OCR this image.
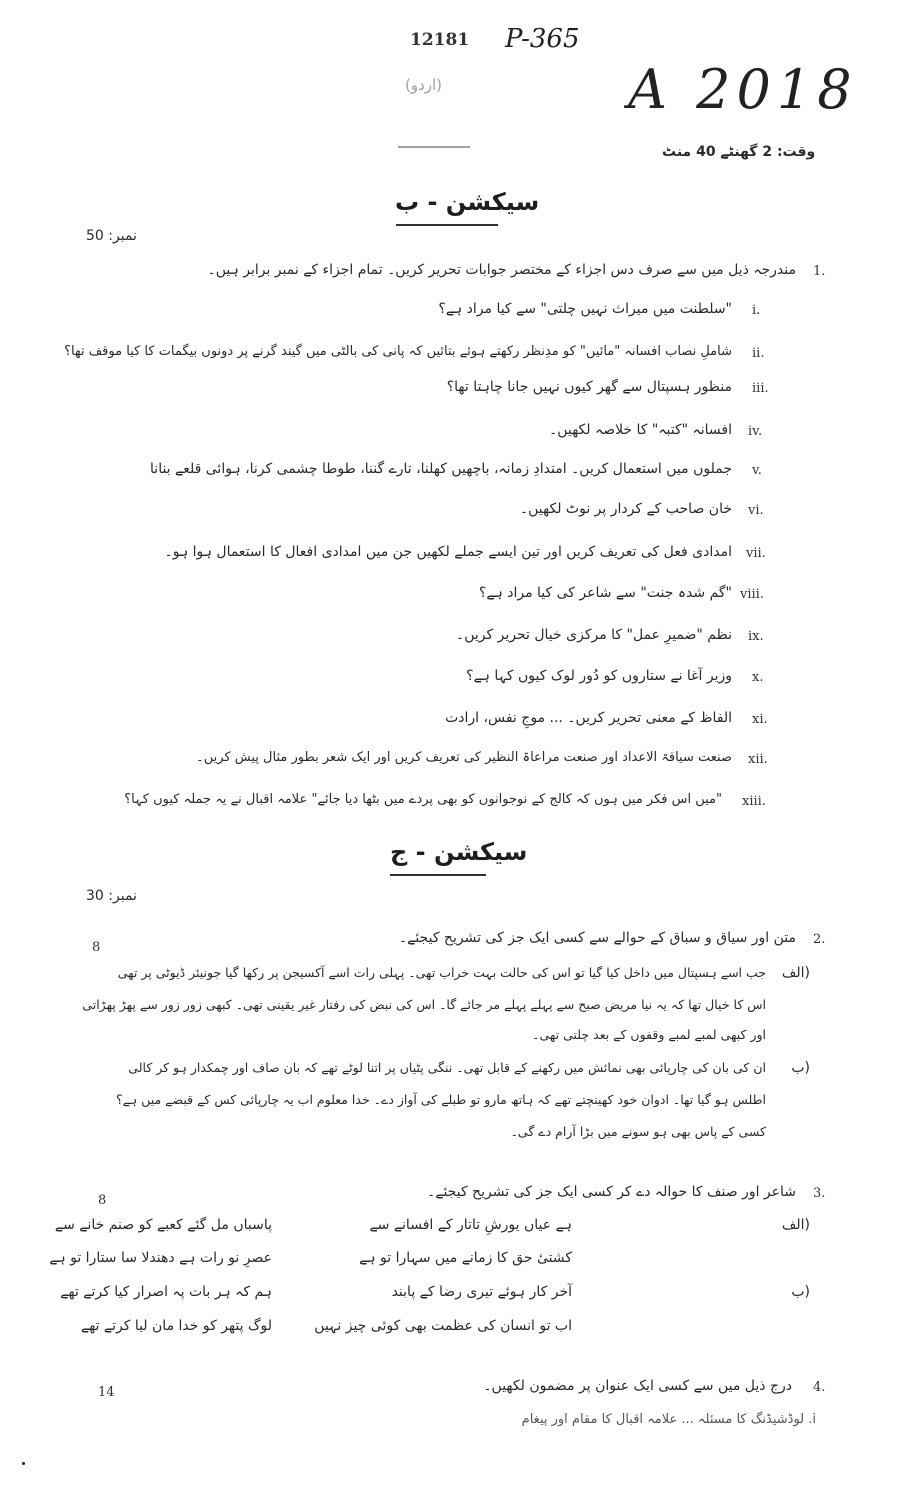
12181 P-365
A 2018
(اردو)
وقت: 2 گھنٹے 40 منٹ
سیکشن - ب
نمبر: 50
1.
مندرجہ ذیل میں سے صرف دس اجزاء کے مختصر جوابات تحریر کریں۔ تمام اجزاء کے نمبر برابر ہیں۔
i.
"سلطنت میں میراث نہیں چلتی" سے کیا مراد ہے؟
ii.
شاملِ نصاب افسانہ "مائیں" کو مدِنظر رکھتے ہوئے بتائیں کہ پانی کی بالٹی میں گیند گرنے پر دونوں بیگمات کا کیا موقف تھا؟
iii.
منظور ہسپتال سے گھر کیوں نہیں جانا چاہتا تھا؟
iv.
افسانہ "کتبہ" کا خلاصہ لکھیں۔
v.
جملوں میں استعمال کریں۔ امتدادِ زمانہ، باچھیں کھلنا، تارے گننا، طوطا چشمی کرنا، ہوائی قلعے بنانا
vi.
خان صاحب کے کردار پر نوٹ لکھیں۔
vii.
امدادی فعل کی تعریف کریں اور تین ایسے جملے لکھیں جن میں امدادی افعال کا استعمال ہوا ہو۔
viii.
"گم شدہ جنت" سے شاعر کی کیا مراد ہے؟
ix.
نظم "ضمیرِ عمل" کا مرکزی خیال تحریر کریں۔
x.
وزیر آغا نے ستاروں کو دُور لوک کیوں کہا ہے؟
xi.
الفاظ کے معنی تحریر کریں۔ ... موجِ نفس، ارادت
xii.
صنعت سیاقۃ الاعداد اور صنعت مراعاۃ النظیر کی تعریف کریں اور ایک شعر بطور مثال پیش کریں۔
xiii.
"میں اس فکر میں ہوں کہ کالج کے نوجوانوں کو بھی پردے میں بٹھا دیا جائے" علامہ اقبال نے یہ جملہ کیوں کہا؟
سیکشن - ج
نمبر: 30
2.
متن اور سیاق و سباق کے حوالے سے کسی ایک جز کی تشریح کیجئے۔
8
(الف
جب اسے ہسپتال میں داخل کیا گیا تو اس کی حالت بہت خراب تھی۔ پہلی رات اسے آکسیجن پر رکھا گیا جونیئر ڈیوٹی پر تھی
اس کا خیال تھا کہ یہ نیا مریض صبح سے پہلے پہلے مر جائے گا۔ اس کی نبض کی رفتار غیر یقینی تھی۔ کبھی زور زور سے پھڑ پھڑاتی
اور کبھی لمبے لمبے وقفوں کے بعد چلتی تھی۔
(ب
ان کی بان کی چارپائی بھی نمائش میں رکھنے کے قابل تھی۔ ننگی پٹیاں پر اتنا لوٹے تھے کہ بان صاف اور چمکدار ہو کر کالی
اطلس ہو گیا تھا۔ ادوان خود کھینچتے تھے کہ ہاتھ مارو تو طبلے کی آواز دے۔ خدا معلوم اب یہ چارپائی کس کے قبضے میں ہے؟
کسی کے پاس بھی ہو سونے میں بڑا آرام دے گی۔
3.
شاعر اور صنف کا حوالہ دے کر کسی ایک جز کی تشریح کیجئے۔
8
(الف
ہے عیاں یورشِ تاتار کے افسانے سے
پاسباں مل گئے کعبے کو صنم خانے سے
کشتیٔ حق کا زمانے میں سہارا تو ہے
عصرِ نو رات ہے دھندلا سا ستارا تو ہے
(ب
آخر کار ہوئے تیری رضا کے پابند
ہم کہ ہر بات پہ اصرار کیا کرتے تھے
اب تو انسان کی عظمت بھی کوئی چیز نہیں
لوگ پتھر کو خدا مان لیا کرتے تھے
4.
درج ذیل میں سے کسی ایک عنوان پر مضمون لکھیں۔
14
i. لوڈشیڈنگ کا مسئلہ ... علامہ اقبال کا مقام اور پیغام
